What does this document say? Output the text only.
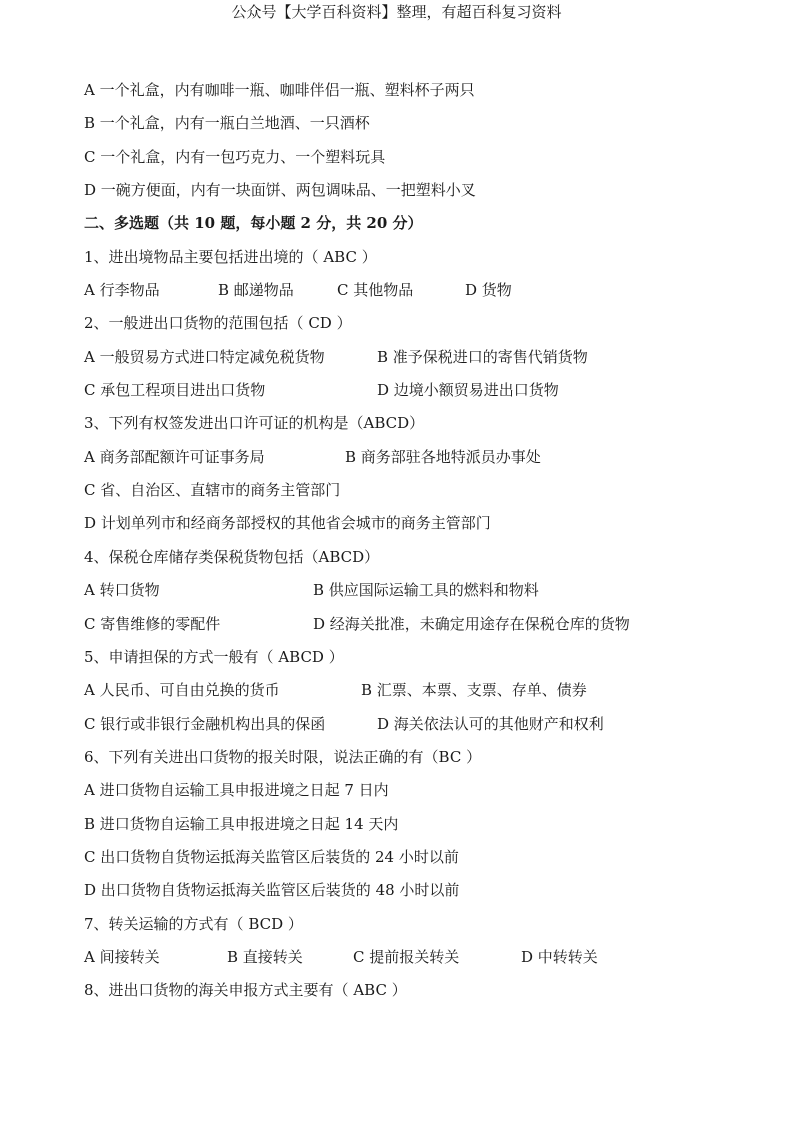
公众号【大学百科资料】整理，有超百科复习资料
A 一个礼盒，内有咖啡一瓶、咖啡伴侣一瓶、塑料杯子两只
B 一个礼盒，内有一瓶白兰地酒、一只酒杯
C 一个礼盒，内有一包巧克力、一个塑料玩具
D 一碗方便面，内有一块面饼、两包调味品、一把塑料小叉
二、多选题（共 10 题，每小题 2 分，共 20 分）
1、进出境物品主要包括进出境的（ ABC ）
A 行李物品	B 邮递物品	C 其他物品	D 货物
2、一般进出口货物的范围包括（ CD ）
A 一般贸易方式进口特定减免税货物	B 准予保税进口的寄售代销货物
C 承包工程项目进出口货物	D 边境小额贸易进出口货物
3、下列有权签发进出口许可证的机构是（ABCD）
A 商务部配额许可证事务局	B 商务部驻各地特派员办事处
C 省、自治区、直辖市的商务主管部门
D 计划单列市和经商务部授权的其他省会城市的商务主管部门
4、保税仓库储存类保税货物包括（ABCD）
A 转口货物	B 供应国际运输工具的燃料和物料
C 寄售维修的零配件	D 经海关批准，未确定用途存在保税仓库的货物
5、申请担保的方式一般有（ ABCD ）
A 人民币、可自由兑换的货币	B 汇票、本票、支票、存单、债券
C 银行或非银行金融机构出具的保函	D 海关依法认可的其他财产和权利
6、下列有关进出口货物的报关时限，说法正确的有（BC ）
A 进口货物自运输工具申报进境之日起 7 日内
B 进口货物自运输工具申报进境之日起 14 天内
C 出口货物自货物运抵海关监管区后装货的 24 小时以前
D 出口货物自货物运抵海关监管区后装货的 48 小时以前
7、转关运输的方式有（ BCD ）
A 间接转关	B 直接转关	C 提前报关转关	D 中转转关
8、进出口货物的海关申报方式主要有（ ABC ）
